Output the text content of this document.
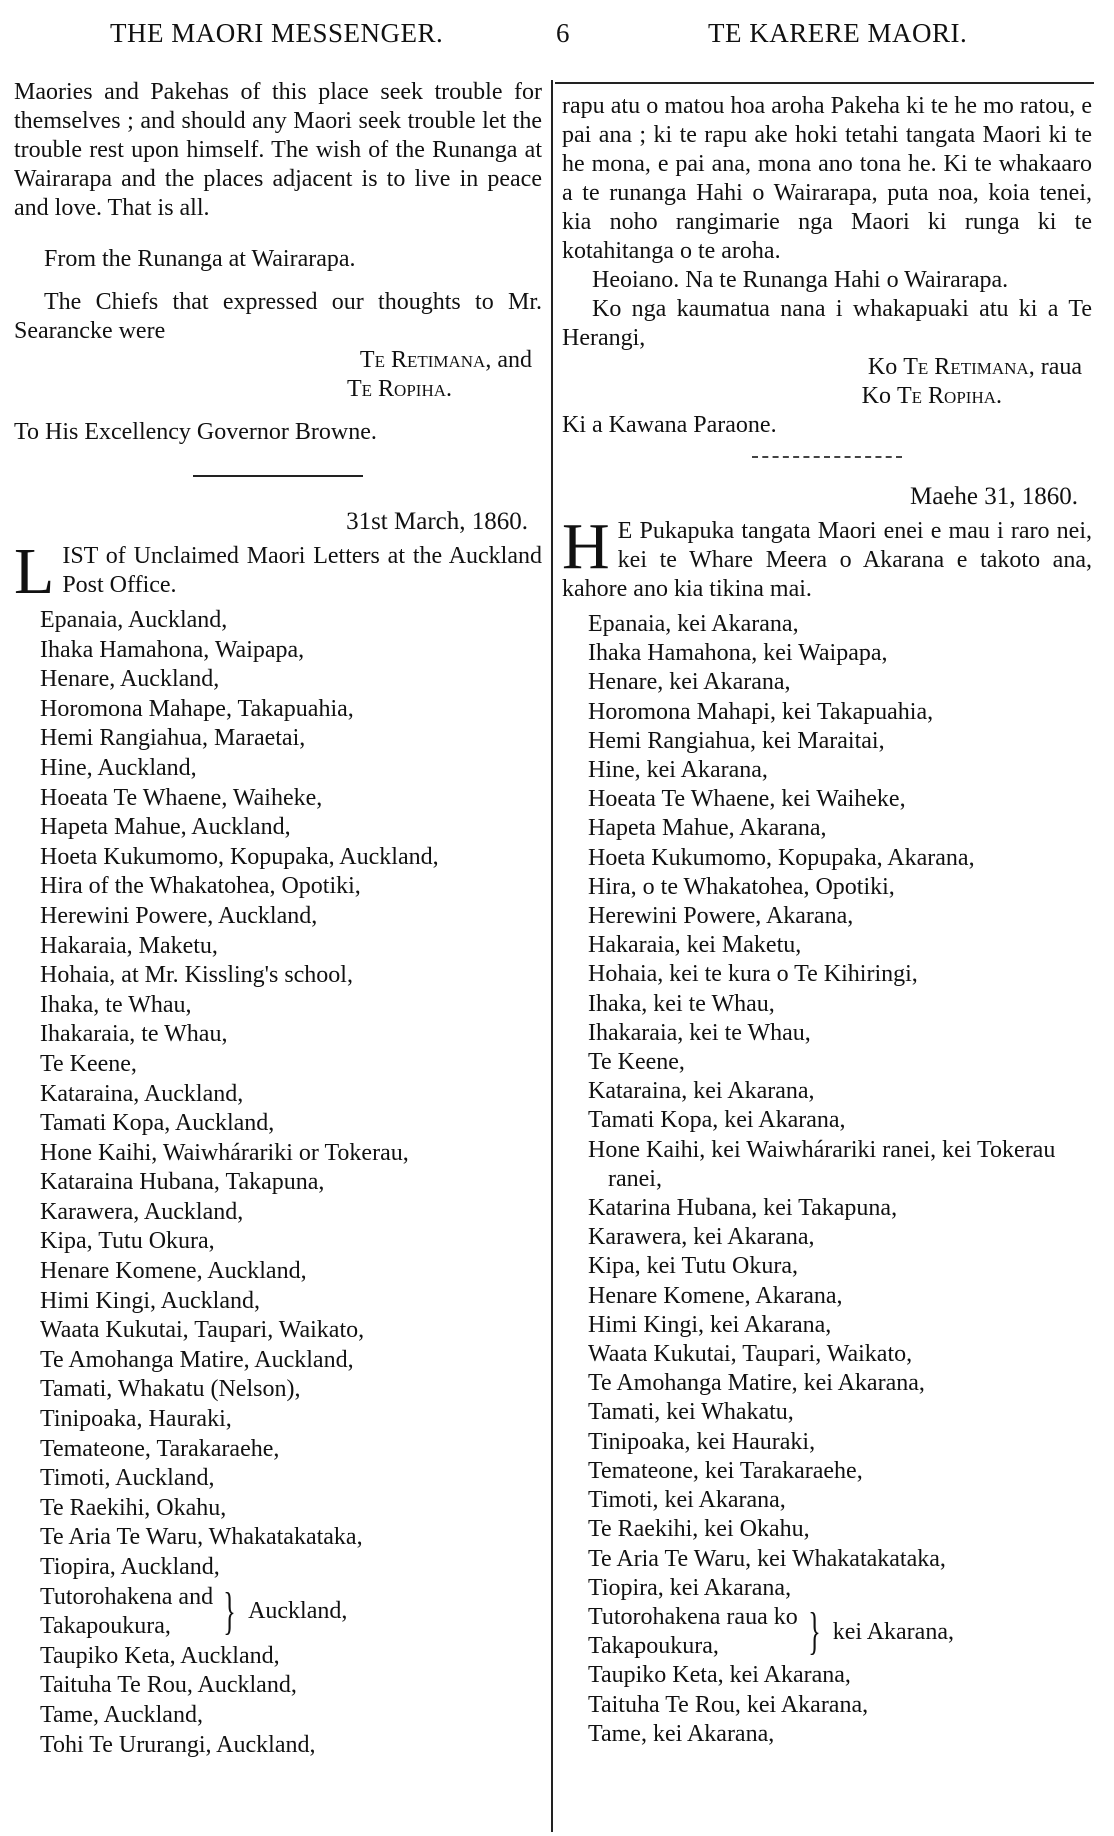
THE MAORI MESSENGER.	6	TE KARERE MAORI.

Maories and Pakehas of this place seek trouble for themselves ; and should any Maori seek trouble let the trouble rest upon himself. The wish of the Runanga at Wairarapa and the places adjacent is to live in peace and love. That is all.

From the Runanga at Wairarapa.

The Chiefs that expressed our thoughts to Mr. Searancke were

Te Retimana, and

Te Ropiha.

To His Excellency Governor Browne.

31st March, 1860.

L IST of Unclaimed Maori Letters at the Auckland Post Office.
Epanaia, Auckland,
Ihaka Hamahona, Waipapa,
Henare, Auckland,
Horomona Mahape, Takapuahia,
Hemi Rangiahua, Maraetai,
Hine, Auckland,
Hoeata Te Whaene, Waiheke,
Hapeta Mahue, Auckland,
Hoeta Kukumomo, Kopupaka, Auckland,
Hira of the Whakatohea, Opotiki,
Herewini Powere, Auckland,
Hakaraia, Maketu,
Hohaia, at Mr. Kissling's school,
Ihaka, te Whau,
Ihakaraia, te Whau,
Te Keene,
Kataraina, Auckland,
Tamati Kopa, Auckland,
Hone Kaihi, Waiwhárariki or Tokerau,
Kataraina Hubana, Takapuna,
Karawera, Auckland,
Kipa, Tutu Okura,
Henare Komene, Auckland,
Himi Kingi, Auckland,
Waata Kukutai, Taupari, Waikato,
Te Amohanga Matire, Auckland,
Tamati, Whakatu (Nelson),
Tinipoaka, Hauraki,
Temateone, Tarakaraehe,
Timoti, Auckland,
Te Raekihi, Okahu,
Te Aria Te Waru, Whakatakataka,
Tiopira, Auckland,
Tutorohakena and
Takapoukura,	} Auckland,
Taupiko Keta, Auckland,
Taituha Te Rou, Auckland,
Tame, Auckland,
Tohi Te Ururangi, Auckland,

rapu atu o matou hoa aroha Pakeha ki te he mo ratou, e pai ana ; ki te rapu ake hoki tetahi tangata Maori ki te he mona, e pai ana, mona ano tona he. Ki te whakaaro a te runanga Hahi o Wairarapa, puta noa, koia tenei, kia noho rangimarie nga Maori ki runga ki te kotahitanga o te aroha.

Heoiano. Na te Runanga Hahi o Wairarapa.

Ko nga kaumatua nana i whakapuaki atu ki a Te Herangi,

Ko Te Retimana, raua

Ko Te Ropiha.

Ki a Kawana Paraone.

Maehe 31, 1860.

H E Pukapuka tangata Maori enei e mau i raro nei, kei te Whare Meera o Akarana e takoto ana, kahore ano kia tikina mai.
Epanaia, kei Akarana,
Ihaka Hamahona, kei Waipapa,
Henare, kei Akarana,
Horomona Mahapi, kei Takapuahia,
Hemi Rangiahua, kei Maraitai,
Hine, kei Akarana,
Hoeata Te Whaene, kei Waiheke,
Hapeta Mahue, Akarana,
Hoeta Kukumomo, Kopupaka, Akarana,
Hira, o te Whakatohea, Opotiki,
Herewini Powere, Akarana,
Hakaraia, kei Maketu,
Hohaia, kei te kura o Te Kihiringi,
Ihaka, kei te Whau,
Ihakaraia, kei te Whau,
Te Keene,
Kataraina, kei Akarana,
Tamati Kopa, kei Akarana,
Hone Kaihi, kei Waiwhárariki ranei, kei Tokerau ranei,
Katarina Hubana, kei Takapuna,
Karawera, kei Akarana,
Kipa, kei Tutu Okura,
Henare Komene, Akarana,
Himi Kingi, kei Akarana,
Waata Kukutai, Taupari, Waikato,
Te Amohanga Matire, kei Akarana,
Tamati, kei Whakatu,
Tinipoaka, kei Hauraki,
Temateone, kei Tarakaraehe,
Timoti, kei Akarana,
Te Raekihi, kei Okahu,
Te Aria Te Waru, kei Whakatakataka,
Tiopira, kei Akarana,
Tutorohakena raua ko
Takapoukura,	} kei Akarana,
Taupiko Keta, kei Akarana,
Taituha Te Rou, kei Akarana,
Tame, kei Akarana,
